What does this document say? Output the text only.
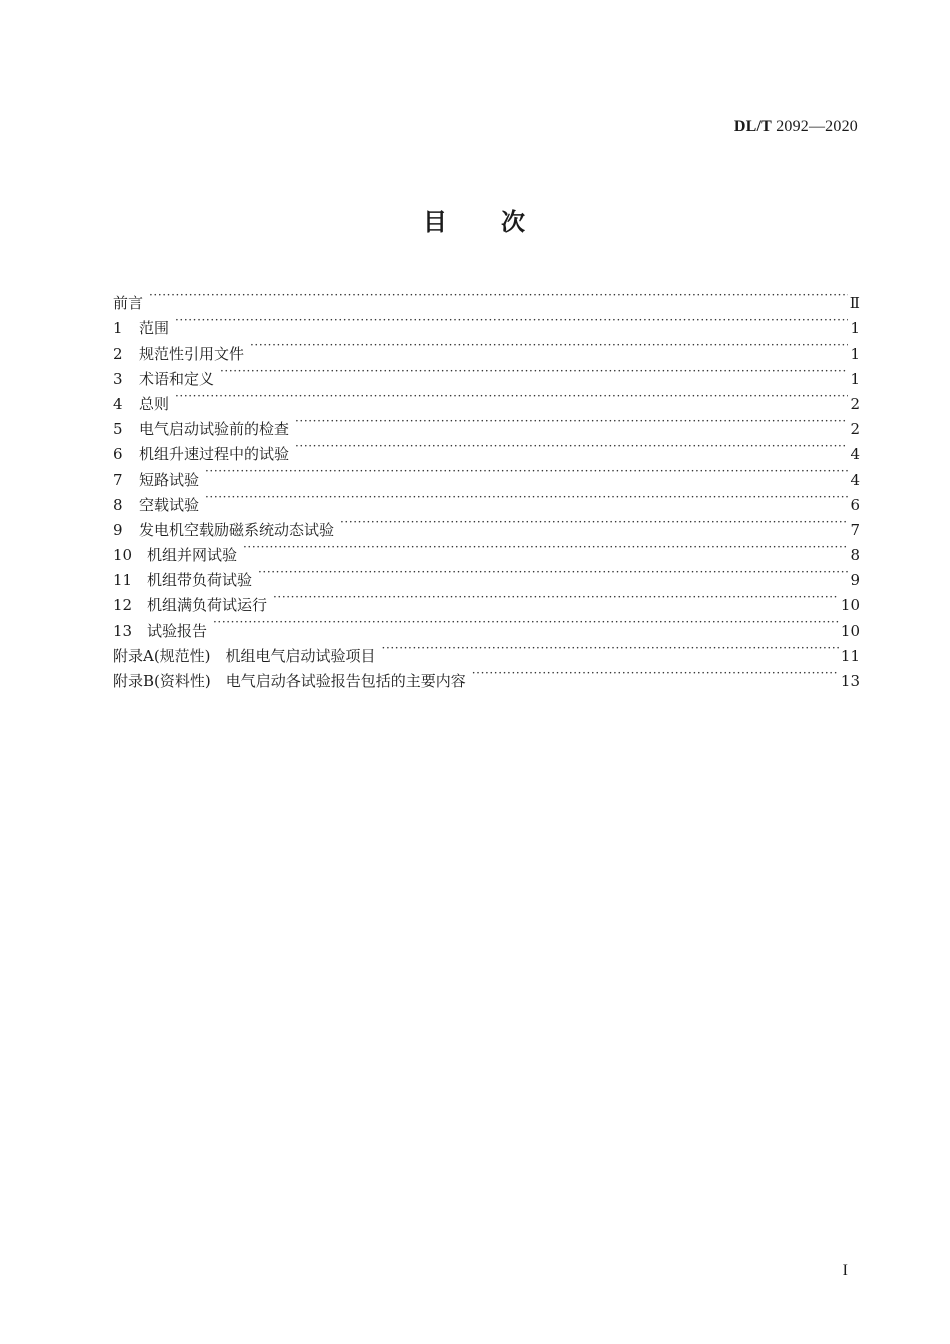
DL/T 2092—2020
目 次
前言 ·····	Ⅱ
1	范围 ·····	1
2	规范性引用文件 ·····	1
3	术语和定义 ·····	1
4	总则 ·····	2
5	电气启动试验前的检查 ·····	2
6	机组升速过程中的试验 ·····	4
7	短路试验 ·····	4
8	空载试验 ·····	6
9	发电机空载励磁系统动态试验 ·····	7
10 机组并网试验 ·····	8
11 机组带负荷试验 ·····	9
12 机组满负荷试运行 ·····	10
13 试验报告 ·····	10
附录A(规范性)　机组电气启动试验项目 ·····	11
附录B(资料性)　电气启动各试验报告包括的主要内容 ·····	13
I
